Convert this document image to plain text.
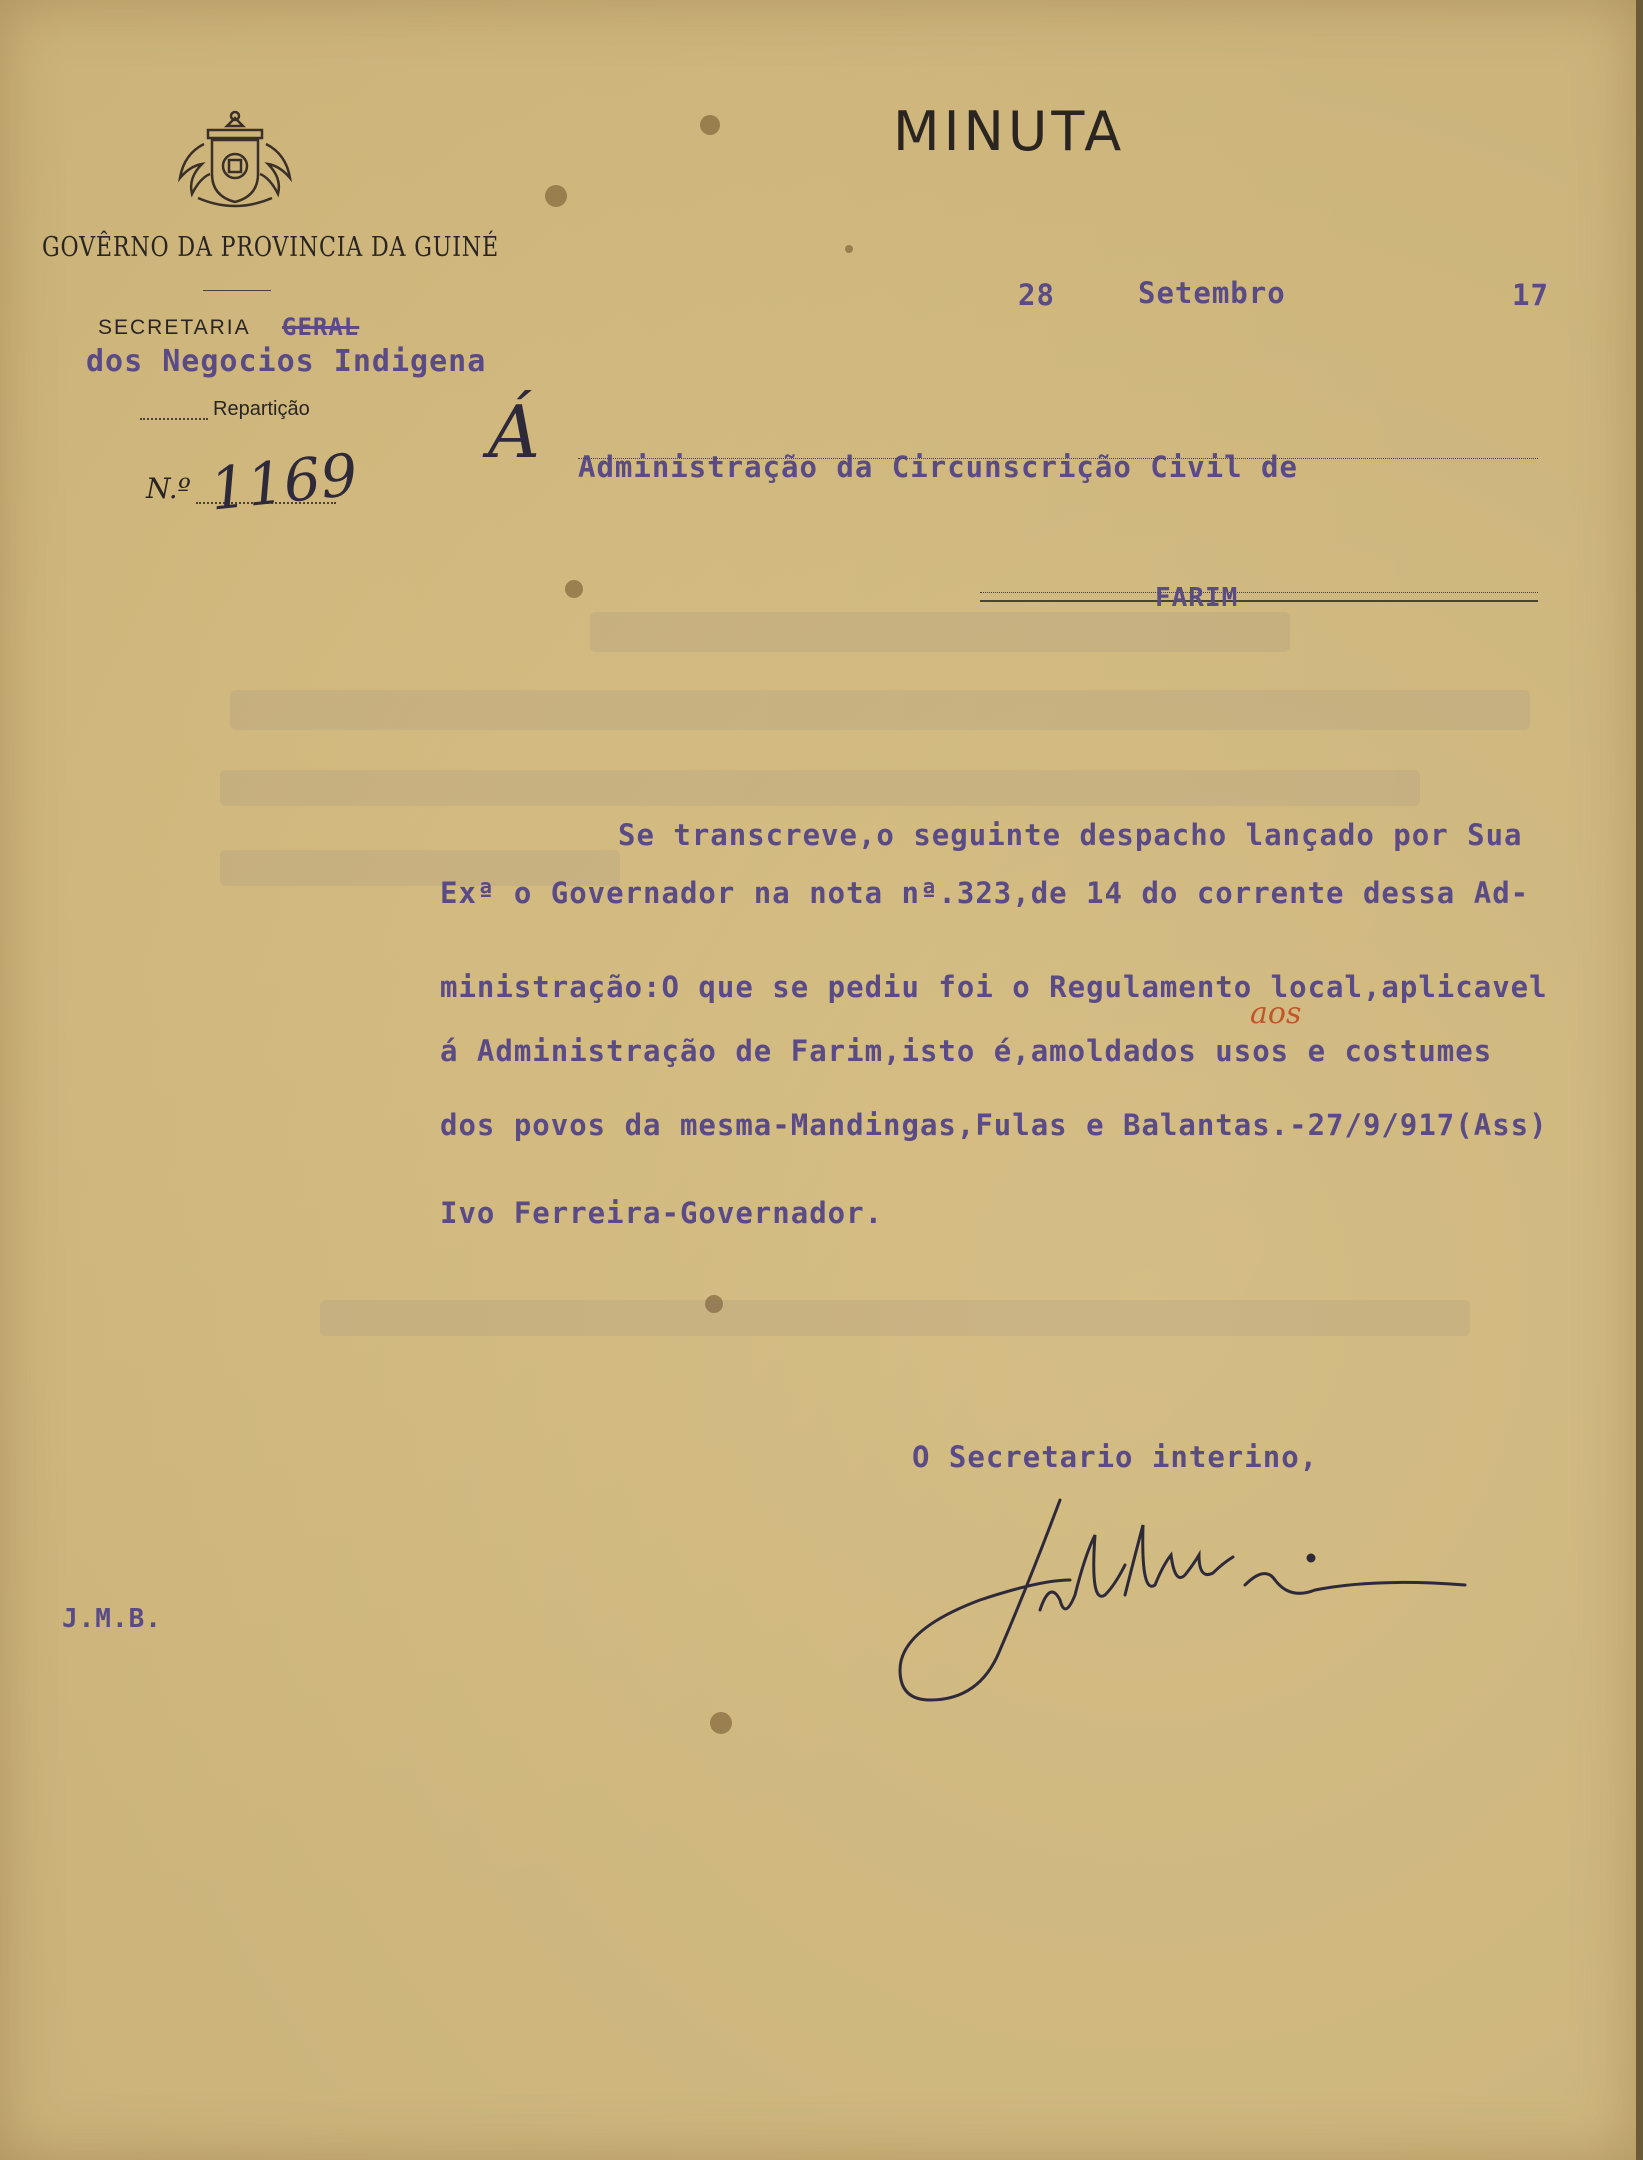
MINUTA
GOVÊRNO DA PROVINCIA DA GUINÉ
SECRETARIA GERAL
dos Negocios Indigena
Repartição
N.º 1169
28	Setembro	17
Á Administração da Circunscrição Civil de
FARIM
Se transcreve,o seguinte despacho lançado por Sua
Exª o Governador na nota nª.323,de 14 do corrente dessa Ad-
ministração:O que se pediu foi o Regulamento local,aplicavel
á Administração de Farim,isto é,amoldados usos e costumes
aos
dos povos da mesma-Mandingas,Fulas e Balantas.-27/9/917(Ass)
Ivo Ferreira-Governador.
O Secretario interino,
J.M.B.
